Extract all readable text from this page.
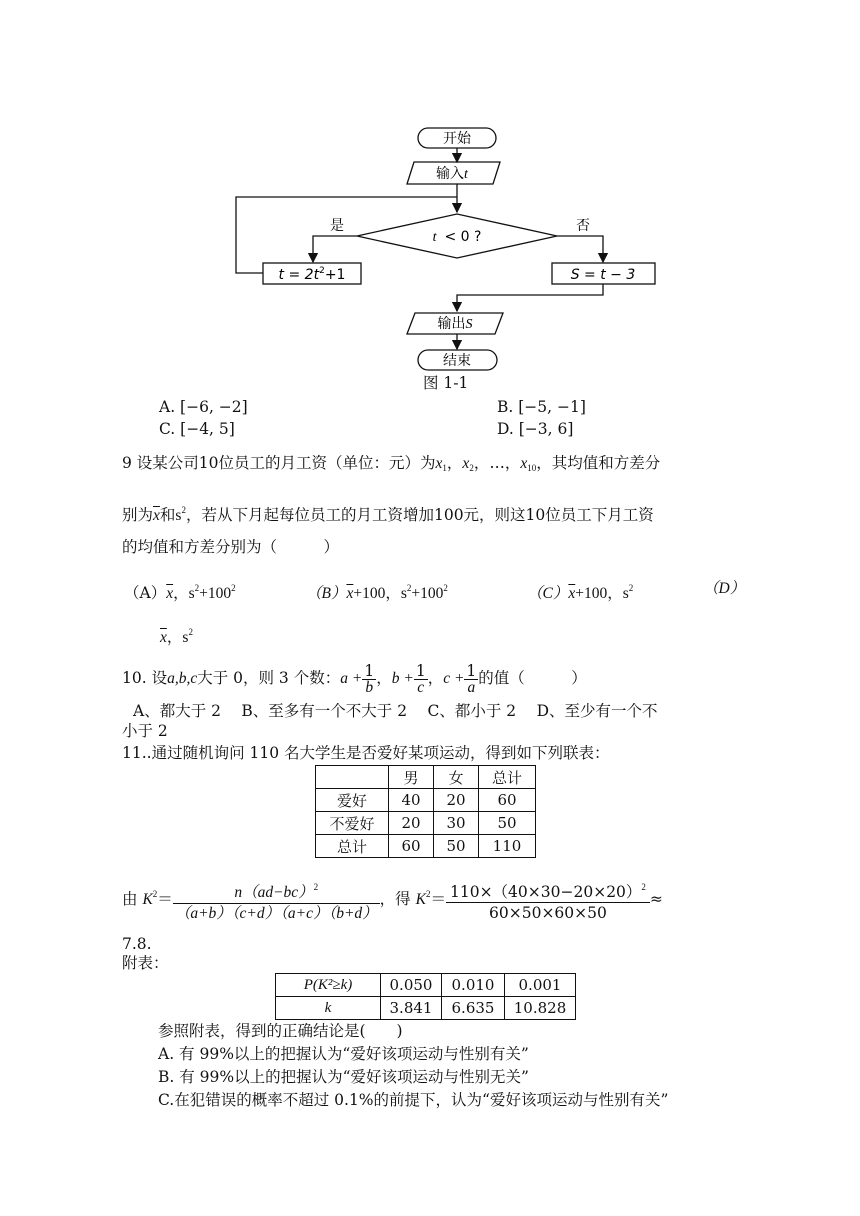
开始
输入t
t < 0 ?
是	否
$t = 2t^2+1$	S = t − 3
输出S
结束
图 1-1
A. [−6, −2]	B. [−5, −1]
C. [−4, 5]	D. [−3, 6]
9 设某公司10位员工的月工资（单位：元）为$x_1$，$x_2$，…，$x_{10}$，其均值和方差分
别为$\overline{x}$和$s^2$，若从下月起每位员工的月工资增加100元，则这10位员工下月工资
的均值和方差分别为（　　　）
$(A)\overline{x}$，$s^2+100^2$	$(B)\overline{x}+100$，$s^2+100^2$	$(C)\overline{x}+100$，$s^2$	（D）
$\overline{x}$，$s^2$
10. 设a,b,c大于 0，则 3 个数：$a + \frac{1}{b}$ ，$b + \frac{1}{c}$ ，$c + \frac{1}{a}$ 的值（　　　）
A、都大于 2　 B、至多有一个不大于 2　 C、都小于 2　 D、至少有一个不
小于 2
11..通过随机询问 110 名大学生是否爱好某项运动，得到如下列联表：
	男	女	总计
爱好	40	20	60
不爱好	20	30	50
总计	60	50	110
由 $K^2= \frac{n(ad-bc)^2}{(a+b)(c+d)(a+c)(b+d)}$ ，得 $K^2= \frac{110\times(40\times 30-20\times 20)^2}{60\times 50\times 60\times 50}$ ≈
7.8.
附表：
P(K²≥k)	0.050	0.010	0.001
k	3.841	6.635	10.828
参照附表，得到的正确结论是(　　)
A. 有 99%以上的把握认为“爱好该项运动与性别有关”
B. 有 99%以上的把握认为“爱好该项运动与性别无关”
C.在犯错误的概率不超过 0.1%的前提下，认为“爱好该项运动与性别有关”
